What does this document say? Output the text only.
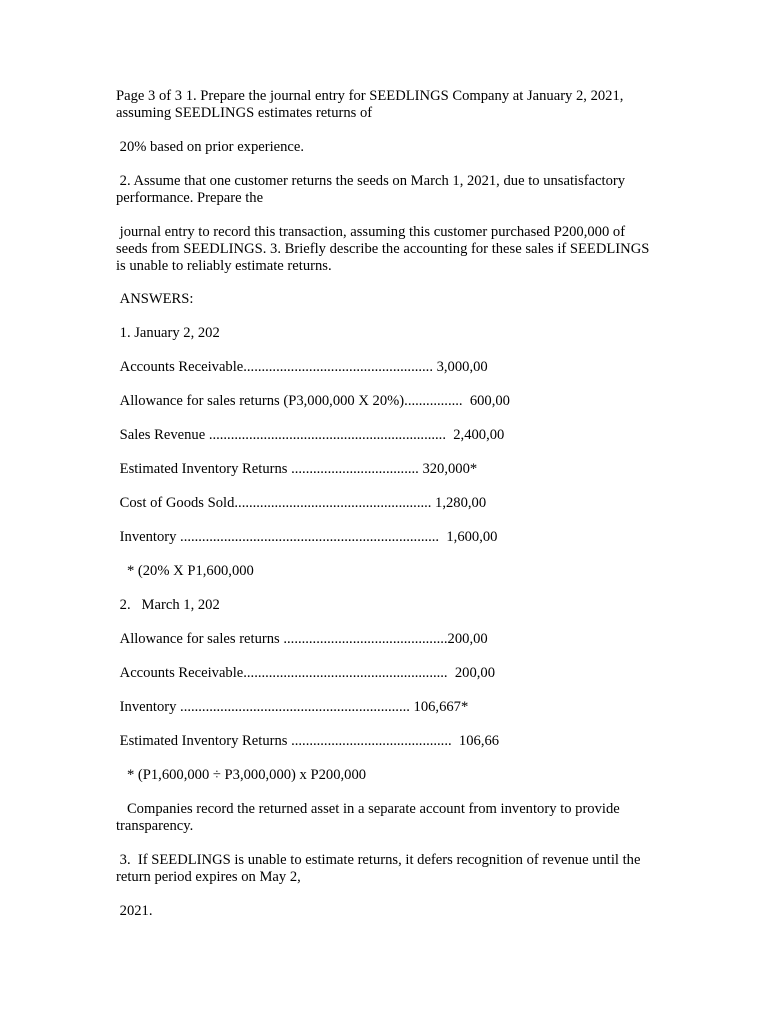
Page 3 of 3 1. Prepare the journal entry for SEEDLINGS Company at January 2, 2021, assuming SEEDLINGS estimates returns of

20% based on prior experience.

2. Assume that one customer returns the seeds on March 1, 2021, due to unsatisfactory performance. Prepare the

journal entry to record this transaction, assuming this customer purchased P200,000 of seeds from SEEDLINGS. 3. Briefly describe the accounting for these sales if SEEDLINGS is unable to reliably estimate returns.

ANSWERS:

1. January 2, 202

Accounts Receivable.................................................... 3,000,00

Allowance for sales returns (P3,000,000 X 20%)................  600,00

Sales Revenue .................................................................  2,400,00

Estimated Inventory Returns ................................... 320,000*

Cost of Goods Sold...................................................... 1,280,00

Inventory .......................................................................  1,600,00

* (20% X P1,600,000

2.   March 1, 202

Allowance for sales returns .............................................200,00

Accounts Receivable........................................................  200,00

Inventory ............................................................... 106,667*

Estimated Inventory Returns ............................................  106,66

* (P1,600,000 ÷ P3,000,000) x P200,000

Companies record the returned asset in a separate account from inventory to provide transparency.

3.  If SEEDLINGS is unable to estimate returns, it defers recognition of revenue until the return period expires on May 2,

2021.
